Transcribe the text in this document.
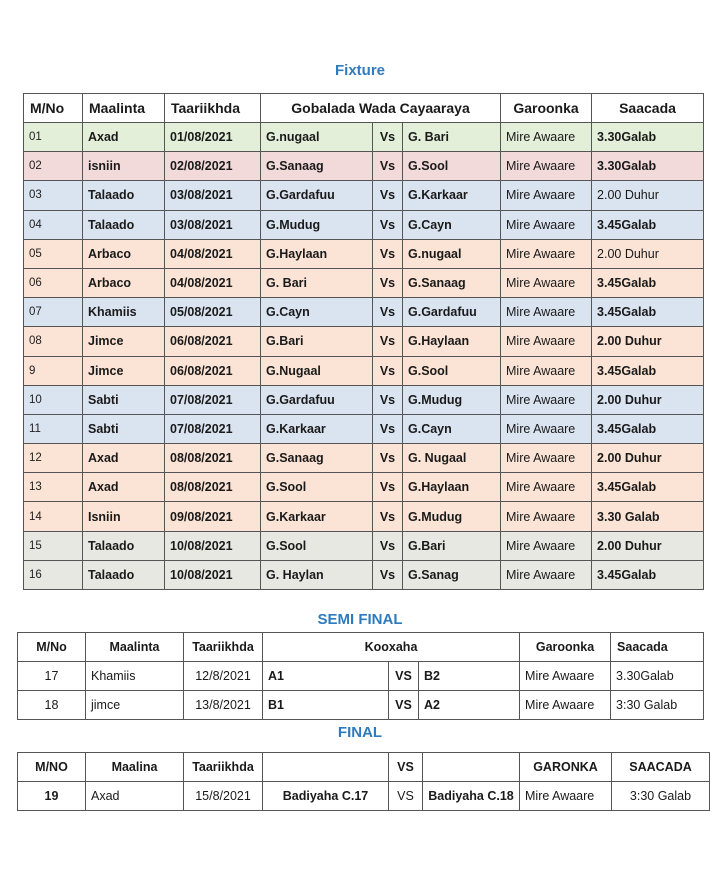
Fixture
M/No	Maalinta	Taariikhda	Gobalada Wada Cayaaraya			Garoonka	Saacada
01	Axad	01/08/2021	G.nugaal	Vs	G. Bari	Mire Awaare	3.30Galab
02	isniin	02/08/2021	G.Sanaag	Vs	G.Sool	Mire Awaare	3.30Galab
03	Talaado	03/08/2021	G.Gardafuu	Vs	G.Karkaar	Mire Awaare	2.00 Duhur
04	Talaado	03/08/2021	G.Mudug	Vs	G.Cayn	Mire Awaare	3.45Galab
05	Arbaco	04/08/2021	G.Haylaan	Vs	G.nugaal	Mire Awaare	2.00 Duhur
06	Arbaco	04/08/2021	G. Bari	Vs	G.Sanaag	Mire Awaare	3.45Galab
07	Khamiis	05/08/2021	G.Cayn	Vs	G.Gardafuu	Mire Awaare	3.45Galab
08	Jimce	06/08/2021	G.Bari	Vs	G.Haylaan	Mire Awaare	2.00 Duhur
9	Jimce	06/08/2021	G.Nugaal	Vs	G.Sool	Mire Awaare	3.45Galab
10	Sabti	07/08/2021	G.Gardafuu	Vs	G.Mudug	Mire Awaare	2.00 Duhur
11	Sabti	07/08/2021	G.Karkaar	Vs	G.Cayn	Mire Awaare	3.45Galab
12	Axad	08/08/2021	G.Sanaag	Vs	G. Nugaal	Mire Awaare	2.00 Duhur
13	Axad	08/08/2021	G.Sool	Vs	G.Haylaan	Mire Awaare	3.45Galab
14	Isniin	09/08/2021	G.Karkaar	Vs	G.Mudug	Mire Awaare	3.30 Galab
15	Talaado	10/08/2021	G.Sool	Vs	G.Bari	Mire Awaare	2.00 Duhur
16	Talaado	10/08/2021	G. Haylan	Vs	G.Sanag	Mire Awaare	3.45Galab
SEMI FINAL
M/No	Maalinta	Taariikhda	Kooxaha			Garoonka	Saacada
17	Khamiis	12/8/2021	A1	VS	B2	Mire Awaare	3.30Galab
18	jimce	13/8/2021	B1	VS	A2	Mire Awaare	3:30 Galab
FINAL
M/NO	Maalina	Taariikhda		VS		GARONKA	SAACADA
19	Axad	15/8/2021	Badiyaha C.17	VS	Badiyaha C.18	Mire Awaare	3:30 Galab
